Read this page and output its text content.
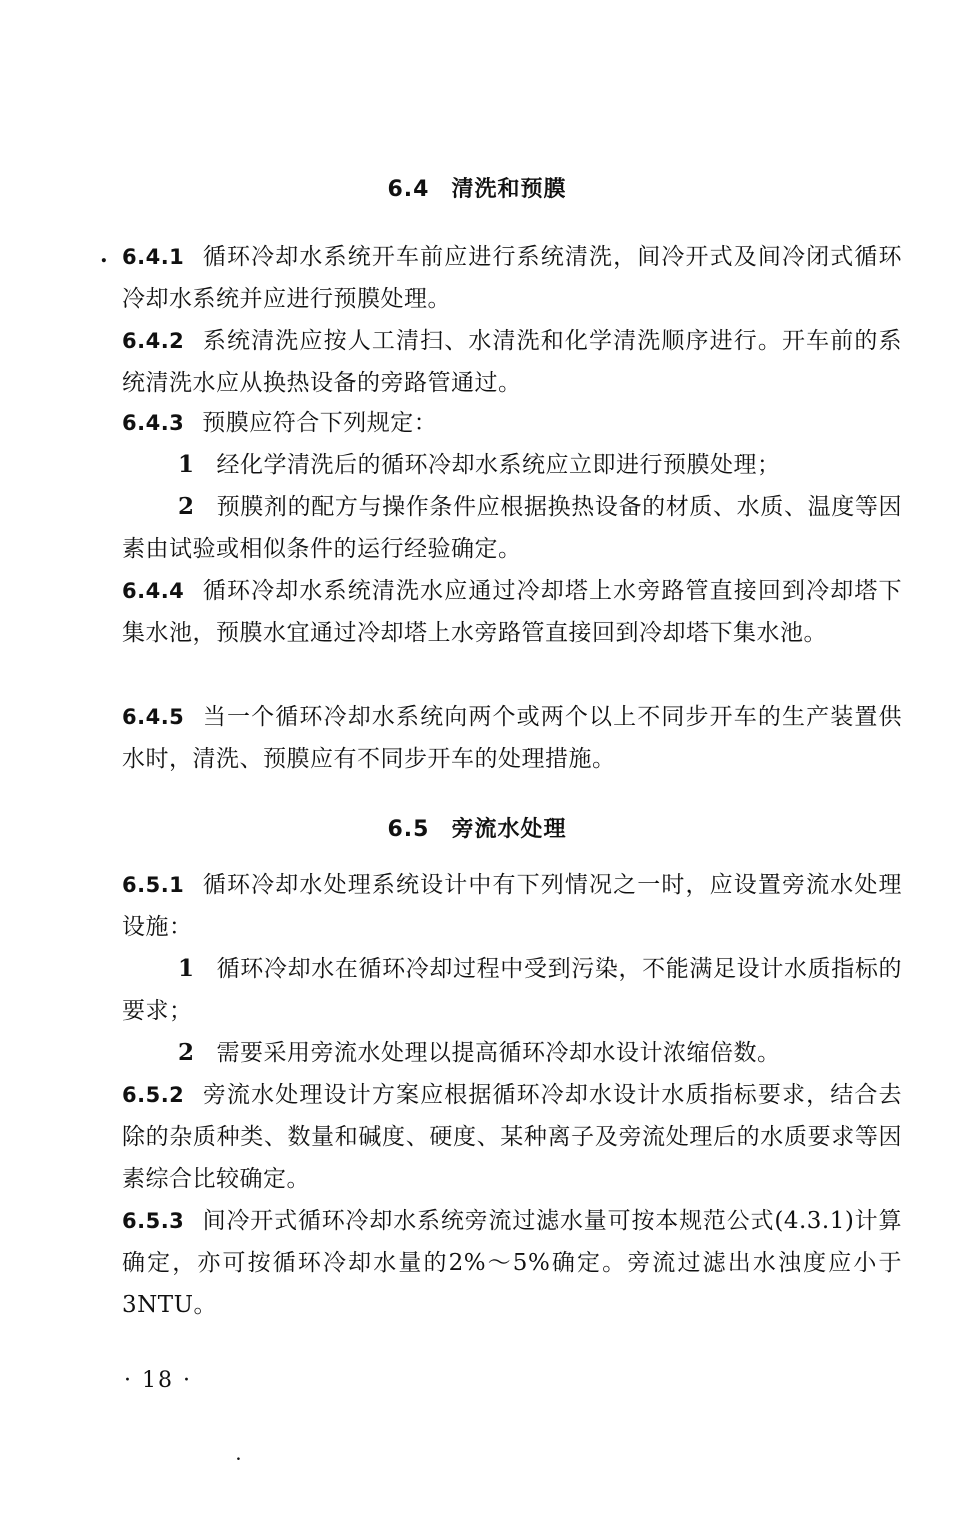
6.4 清洗和预膜
. 6.4.1 循环冷却水系统开车前应进行系统清洗，间冷开式及间冷闭式循环冷却水系统并应进行预膜处理。
6.4.2 系统清洗应按人工清扫、水清洗和化学清洗顺序进行。开车前的系统清洗水应从换热设备的旁路管通过。
6.4.3 预膜应符合下列规定：
1 经化学清洗后的循环冷却水系统应立即进行预膜处理；
2 预膜剂的配方与操作条件应根据换热设备的材质、水质、温度等因素由试验或相似条件的运行经验确定。
6.4.4 循环冷却水系统清洗水应通过冷却塔上水旁路管直接回到冷却塔下集水池，预膜水宜通过冷却塔上水旁路管直接回到冷却塔下集水池。
6.4.5 当一个循环冷却水系统向两个或两个以上不同步开车的生产装置供水时，清洗、预膜应有不同步开车的处理措施。
6.5 旁流水处理
6.5.1 循环冷却水处理系统设计中有下列情况之一时，应设置旁流水处理设施：
1 循环冷却水在循环冷却过程中受到污染，不能满足设计水质指标的要求；
2 需要采用旁流水处理以提高循环冷却水设计浓缩倍数。
6.5.2 旁流水处理设计方案应根据循环冷却水设计水质指标要求，结合去除的杂质种类、数量和碱度、硬度、某种离子及旁流处理后的水质要求等因素综合比较确定。
6.5.3 间冷开式循环冷却水系统旁流过滤水量可按本规范公式(4.3.1)计算确定，亦可按循环冷却水量的2%～5%确定。旁流过滤出水浊度应小于3NTU。
· 18 ·
.
